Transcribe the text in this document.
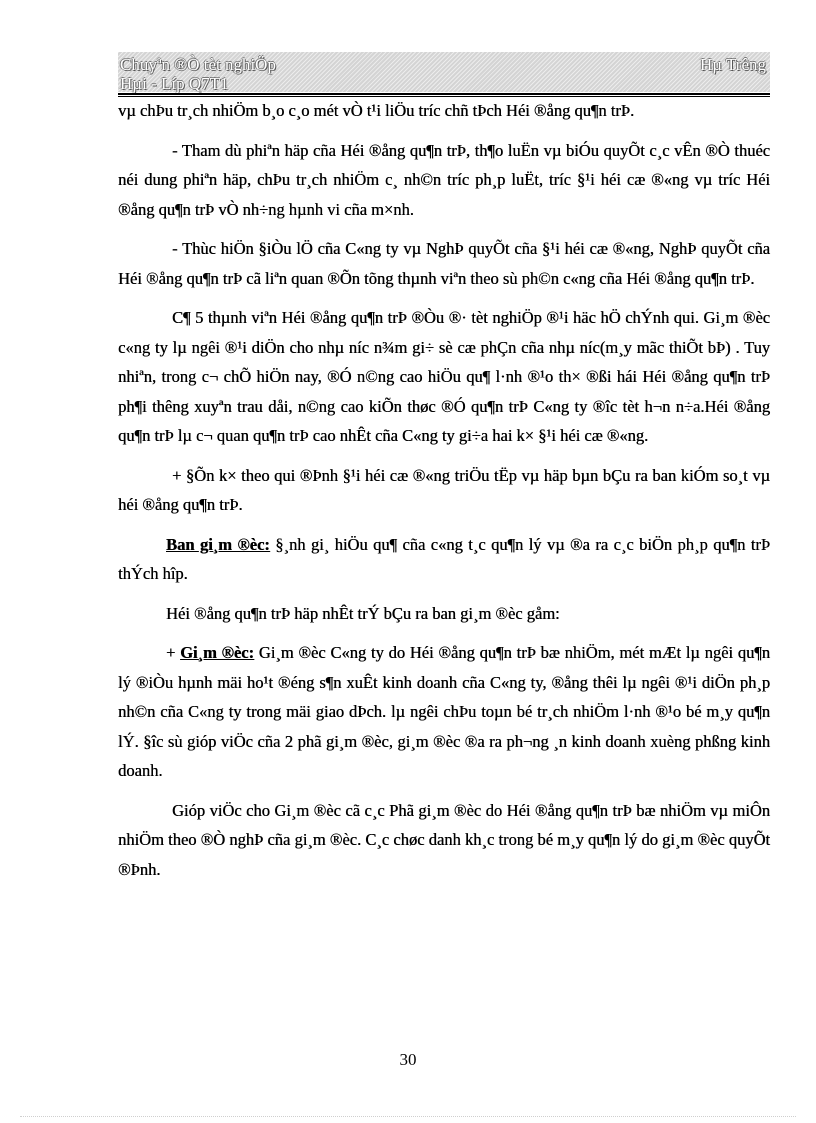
Chuyªn ®Ò tèt nghiÖp
Hµi - Líp Q7T1
Hµ Trêng

vµ chÞu tr¸ch nhiÖm b¸o c¸o mét vÒ t¹i liÖu tríc chñ tÞch Héi ®ång qu¶n trÞ.

- Tham dù phiªn häp cña Héi ®ång qu¶n trÞ, th¶o luËn vµ biÓu quyÕt c¸c vÊn ®Ò thuéc néi dung phiªn häp, chÞu tr¸ch nhiÖm c¸ nh©n tríc ph¸p luËt, tríc §¹i héi cæ ®«ng vµ tríc Héi ®ång qu¶n trÞ vÒ nh÷ng hµnh vi cña m×nh.

- Thùc hiÖn §iÒu lÖ cña C«ng ty vµ NghÞ quyÕt cña §¹i héi cæ ®«ng, NghÞ quyÕt cña Héi ®ång qu¶n trÞ cã liªn quan ®Õn tõng thµnh viªn theo sù ph©n c«ng cña Héi ®ång qu¶n trÞ.

C¶ 5 thµnh viªn Héi ®ång qu¶n trÞ ®Òu ®· tèt nghiÖp ®¹i häc hÖ chÝnh qui. Gi¸m ®èc c«ng ty lµ ngêi ®¹i diÖn cho nhµ níc n¾m gi÷ sè cæ phÇn cña nhµ níc(m¸y mãc thiÕt bÞ) . Tuy nhiªn, trong c¬ chÕ hiÖn nay, ®Ó n©ng cao hiÖu qu¶ l·nh ®¹o th× ®ßi hái Héi ®ång qu¶n trÞ ph¶i thêng xuyªn trau dåi, n©ng cao kiÕn thøc ®Ó qu¶n trÞ C«ng ty ®îc tèt h¬n n÷a.Héi ®ång qu¶n trÞ lµ c¬ quan qu¶n trÞ cao nhÊt cña C«ng ty gi÷a hai k× §¹i héi cæ ®«ng.

+ §Õn k× theo qui ®Þnh §¹i héi cæ ®«ng triÖu tËp vµ häp bµn bÇu ra ban kiÓm so¸t vµ héi ®ång qu¶n trÞ.

Ban gi¸m ®èc: §¸nh gi¸ hiÖu qu¶ cña c«ng t¸c qu¶n lý vµ ®a ra c¸c biÖn ph¸p qu¶n trÞ thÝch hîp.

Héi ®ång qu¶n trÞ häp nhÊt trÝ bÇu ra ban gi¸m ®èc gåm:

+ Gi¸m ®èc: Gi¸m ®èc C«ng ty do Héi ®ång qu¶n trÞ bæ nhiÖm, mét mÆt lµ ngêi qu¶n lý ®iÒu hµnh mäi ho¹t ®éng s¶n xuÊt kinh doanh cña C«ng ty, ®ång thêi lµ ngêi ®¹i diÖn ph¸p nh©n cña C«ng ty trong mäi giao dÞch. lµ ngêi chÞu toµn bé tr¸ch nhiÖm l·nh ®¹o bé m¸y qu¶n lÝ. §îc sù gióp viÖc cña 2 phã gi¸m ®èc, gi¸m ®èc ®a ra ph¬ng ¸n kinh doanh xuèng phßng kinh doanh.

Gióp viÖc cho Gi¸m ®èc cã c¸c Phã gi¸m ®èc do Héi ®ång qu¶n trÞ bæ nhiÖm vµ miÔn nhiÖm theo ®Ò nghÞ cña gi¸m ®èc. C¸c chøc danh kh¸c trong bé m¸y qu¶n lý do gi¸m ®èc quyÕt ®Þnh.

30
